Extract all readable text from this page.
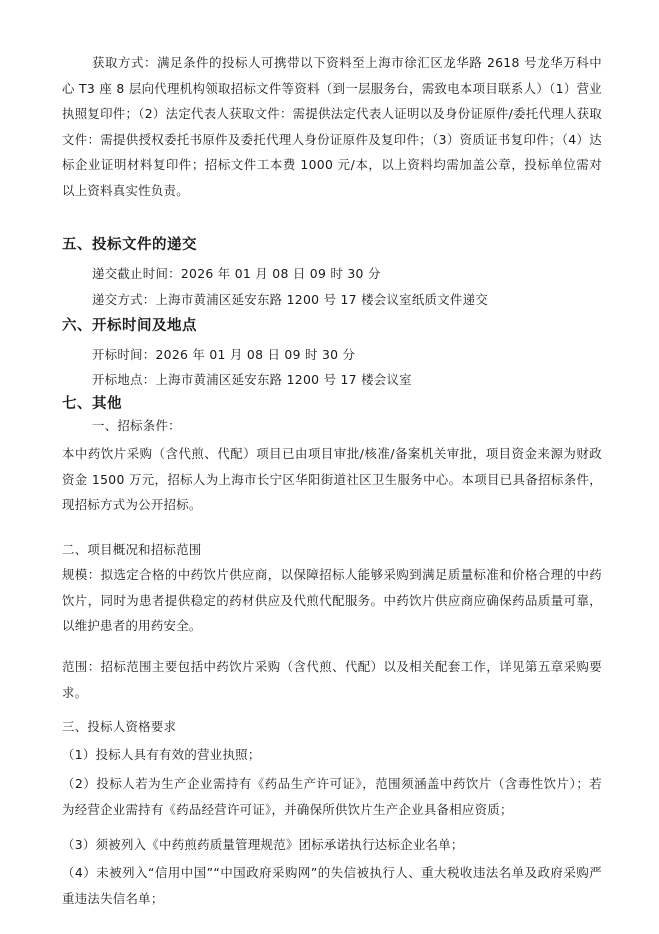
获取方式：满足条件的投标人可携带以下资料至上海市徐汇区龙华路 2618 号龙华万科中心 T3 座 8 层向代理机构领取招标文件等资料（到一层服务台，需致电本项目联系人）（1）营业执照复印件；（2）法定代表人获取文件：需提供法定代表人证明以及身份证原件/委托代理人获取文件：需提供授权委托书原件及委托代理人身份证原件及复印件；（3）资质证书复印件；（4）达标企业证明材料复印件；招标文件工本费 1000 元/本，以上资料均需加盖公章，投标单位需对以上资料真实性负责。
五、投标文件的递交
递交截止时间：2026 年 01 月 08 日 09 时 30 分
递交方式：上海市黄浦区延安东路 1200 号 17 楼会议室纸质文件递交
六、开标时间及地点
开标时间：2026 年 01 月 08 日 09 时 30 分
开标地点：上海市黄浦区延安东路 1200 号 17 楼会议室
七、其他
一、招标条件：
本中药饮片采购（含代煎、代配）项目已由项目审批/核准/备案机关审批，项目资金来源为财政资金 1500 万元，招标人为上海市长宁区华阳街道社区卫生服务中心。本项目已具备招标条件，现招标方式为公开招标。
二、项目概况和招标范围
规模：拟选定合格的中药饮片供应商，以保障招标人能够采购到满足质量标准和价格合理的中药饮片，同时为患者提供稳定的药材供应及代煎代配服务。中药饮片供应商应确保药品质量可靠，以维护患者的用药安全。
范围：招标范围主要包括中药饮片采购（含代煎、代配）以及相关配套工作，详见第五章采购要求。
三、投标人资格要求
（1）投标人具有有效的营业执照；
（2）投标人若为生产企业需持有《药品生产许可证》，范围须涵盖中药饮片（含毒性饮片）；若为经营企业需持有《药品经营许可证》，并确保所供饮片生产企业具备相应资质；
（3）须被列入《中药煎药质量管理规范》团标承诺执行达标企业名单；
（4）未被列入“信用中国”“中国政府采购网”的失信被执行人、重大税收违法名单及政府采购严重违法失信名单；
